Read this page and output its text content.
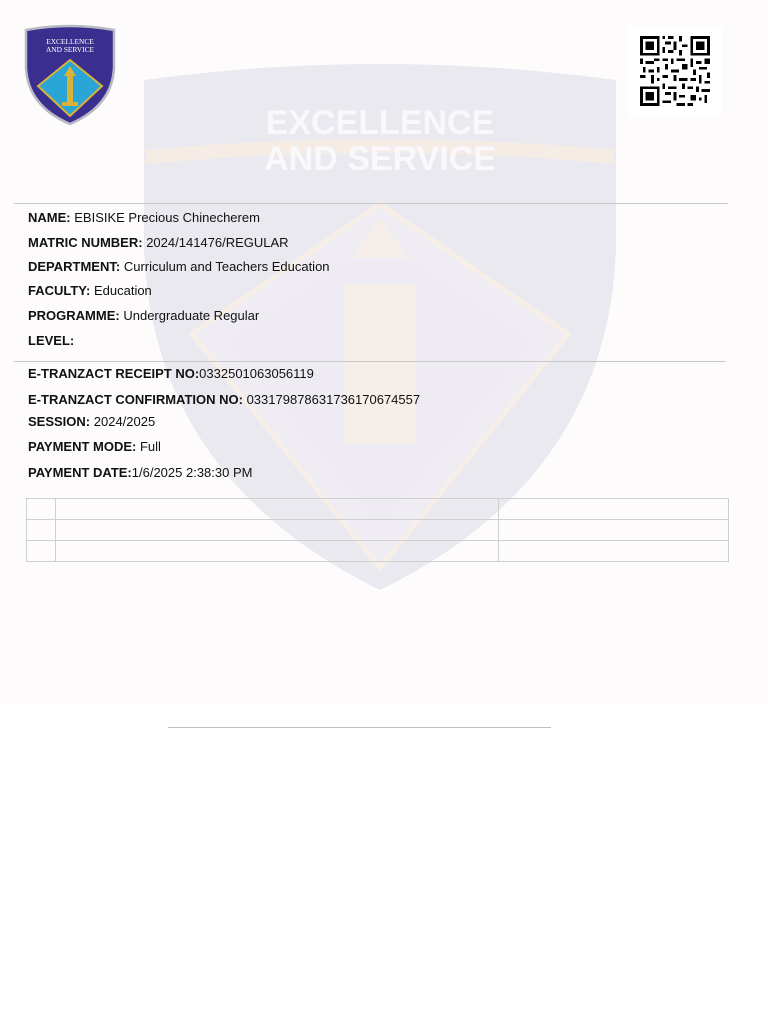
EXCELLENCE
AND SERVICE
EXCELLENCE
AND SERVICE
NAME: EBISIKE Precious Chinecherem
MATRIC NUMBER: 2024/141476/REGULAR
DEPARTMENT: Curriculum and Teachers Education
FACULTY: Education
PROGRAMME: Undergraduate Regular
LEVEL:
E-TRANZACT RECEIPT NO:0332501063056119
E-TRANZACT CONFIRMATION NO: 033179878631736170674557
SESSION: 2024/2025
PAYMENT MODE: Full
PAYMENT DATE:1/6/2025 2:38:30 PM
